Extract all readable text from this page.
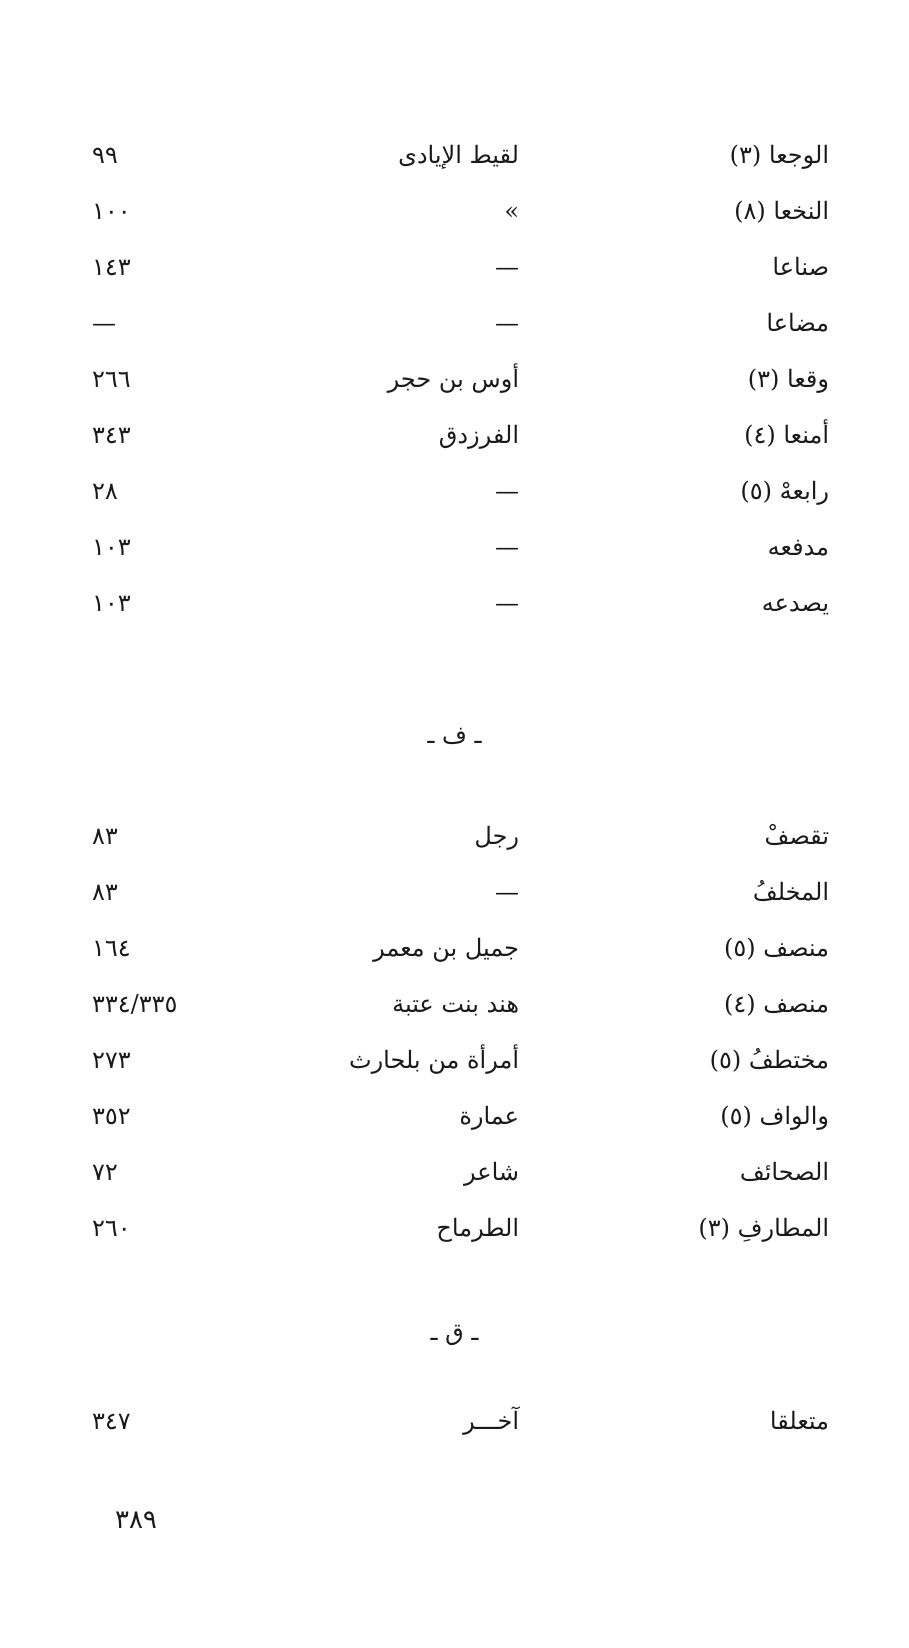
الوجعا (٣)
لقيط الإيادى
٩٩
النخعا (٨)
»
١٠٠
صناعا
—
١٤٣
مضاعا
—
—
وقعا (٣)
أوس بن حجر
٢٦٦
أمنعا (٤)
الفرزدق
٣٤٣
رابعهْ (٥)
—
٢٨
مدفعه
—
١٠٣
يصدعه
—
١٠٣
ـ ف ـ
تقصفْ
رجل
٨٣
المخلفُ
—
٨٣
منصف (٥)
جميل بن معمر
١٦٤
منصف (٤)
هند بنت عتبة
٣٣٤/٣٣٥
مختطفُ (٥)
أمرأة من بلحارث
٢٧٣
والواف (٥)
عمارة
٣٥٢
الصحائف
شاعر
٧٢
المطارفِ (٣)
الطرماح
٢٦٠
ـ ق ـ
متعلقا
آخـــر
٣٤٧
٣٨٩
